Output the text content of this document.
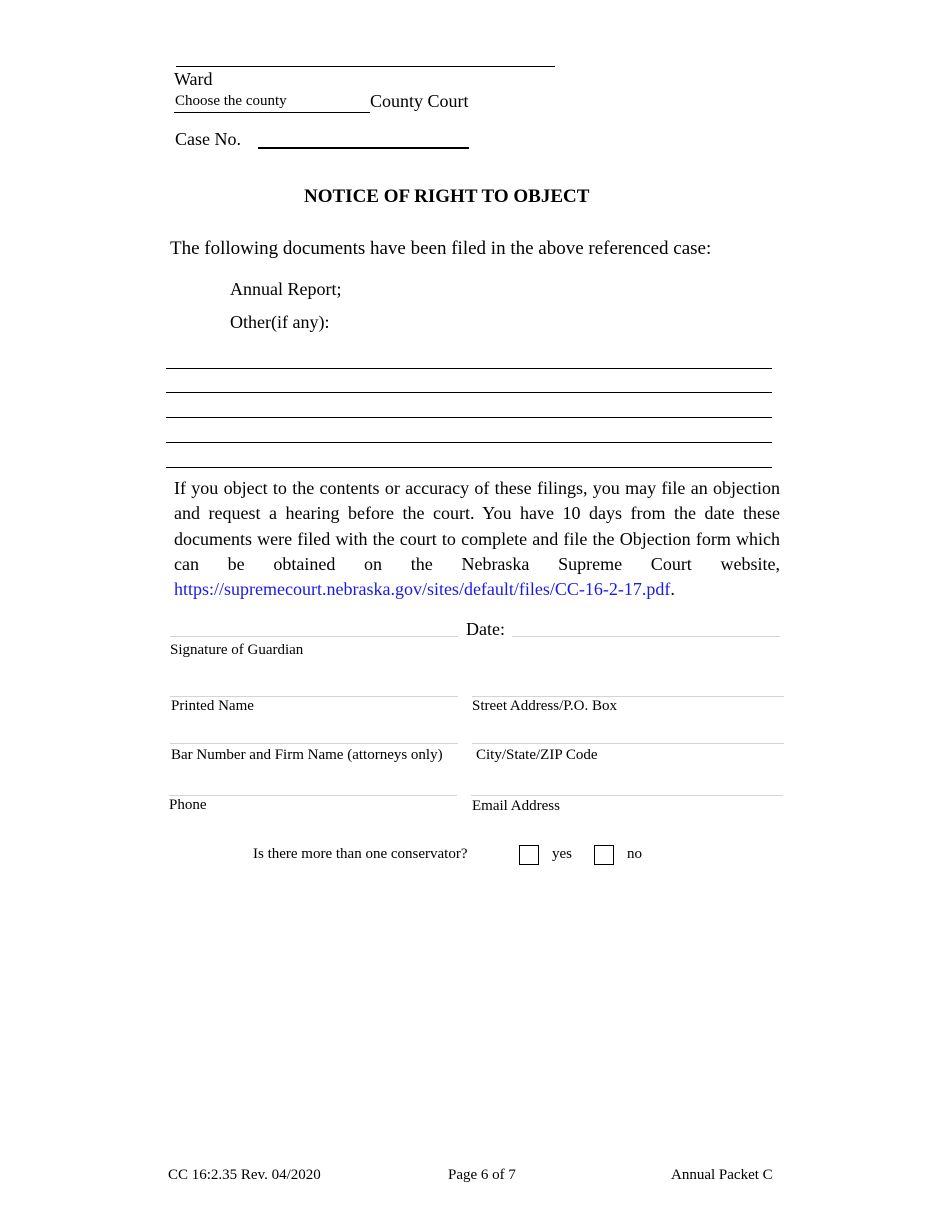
Ward
Choose the county	County Court
Case No.
NOTICE OF RIGHT TO OBJECT
The following documents have been filed in the above referenced case:
Annual Report;
Other(if any):
If you object to the contents or accuracy of these filings, you may file an objection and request a hearing before the court. You have 10 days from the date these documents were filed with the court to complete and file the Objection form which can be obtained on the Nebraska Supreme Court website, https://supremecourt.nebraska.gov/sites/default/files/CC-16-2-17.pdf.
Date:
Signature of Guardian
Printed Name	Street Address/P.O. Box
Bar Number and Firm Name (attorneys only) City/State/ZIP Code
Phone	Email Address
Is there more than one conservator?	yes	no
CC 16:2.35 Rev. 04/2020	Page 6 of 7	Annual Packet C
